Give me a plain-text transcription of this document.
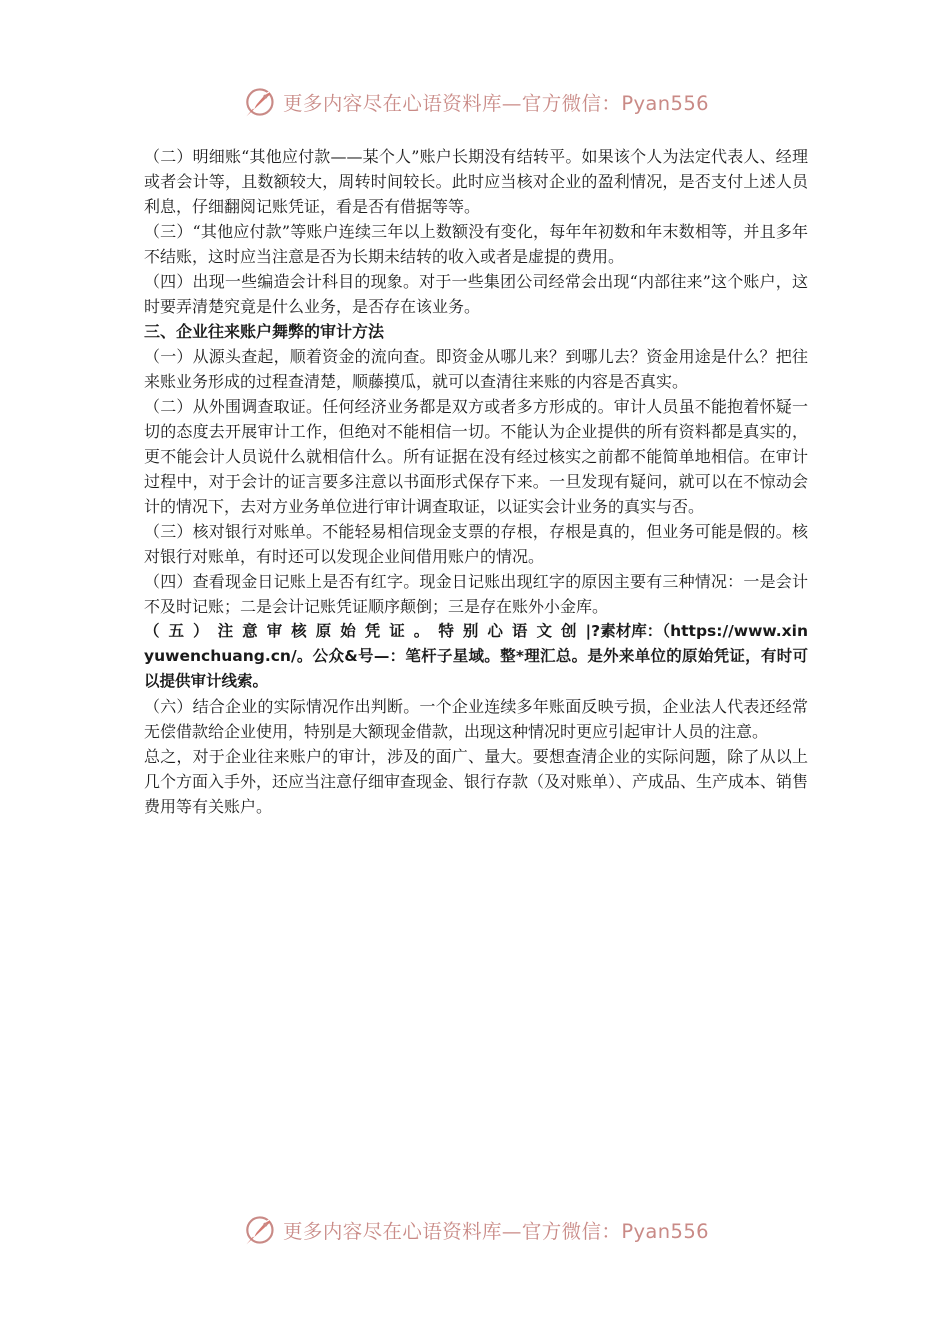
更多内容尽在心语资料库—官方微信：Pyan556

（二）明细账“其他应付款——某个人”账户长期没有结转平。如果该个人为法定代表人、经理或者会计等，且数额较大，周转时间较长。此时应当核对企业的盈利情况，是否支付上述人员利息，仔细翻阅记账凭证，看是否有借据等等。

（三）“其他应付款”等账户连续三年以上数额没有变化，每年年初数和年末数相等，并且多年不结账，这时应当注意是否为长期未结转的收入或者是虚提的费用。

（四）出现一些编造会计科目的现象。对于一些集团公司经常会出现“内部往来”这个账户，这时要弄清楚究竟是什么业务，是否存在该业务。

三、企业往来账户舞弊的审计方法

（一）从源头查起，顺着资金的流向查。即资金从哪儿来？到哪儿去？资金用途是什么？把往来账业务形成的过程查清楚，顺藤摸瓜，就可以查清往来账的内容是否真实。

（二）从外围调查取证。任何经济业务都是双方或者多方形成的。审计人员虽不能抱着怀疑一切的态度去开展审计工作，但绝对不能相信一切。不能认为企业提供的所有资料都是真实的，更不能会计人员说什么就相信什么。所有证据在没有经过核实之前都不能简单地相信。在审计过程中，对于会计的证言要多注意以书面形式保存下来。一旦发现有疑问，就可以在不惊动会计的情况下，去对方业务单位进行审计调查取证，以证实会计业务的真实与否。

（三）核对银行对账单。不能轻易相信现金支票的存根，存根是真的，但业务可能是假的。核对银行对账单，有时还可以发现企业间借用账户的情况。

（四）查看现金日记账上是否有红字。现金日记账出现红字的原因主要有三种情况：一是会计不及时记账；二是会计记账凭证顺序颠倒；三是存在账外小金库。

（五）注意审核原始凭证。特别心语文创|?素材库：（https://www.xinyuwenchuang.cn/。公众&号—：笔杆子星域。整*理汇总。是外来单位的原始凭证，有时可以提供审计线索。

（六）结合企业的实际情况作出判断。一个企业连续多年账面反映亏损，企业法人代表还经常无偿借款给企业使用，特别是大额现金借款，出现这种情况时更应引起审计人员的注意。

总之，对于企业往来账户的审计，涉及的面广、量大。要想查清企业的实际问题，除了从以上几个方面入手外，还应当注意仔细审查现金、银行存款（及对账单）、产成品、生产成本、销售费用等有关账户。

更多内容尽在心语资料库—官方微信：Pyan556
